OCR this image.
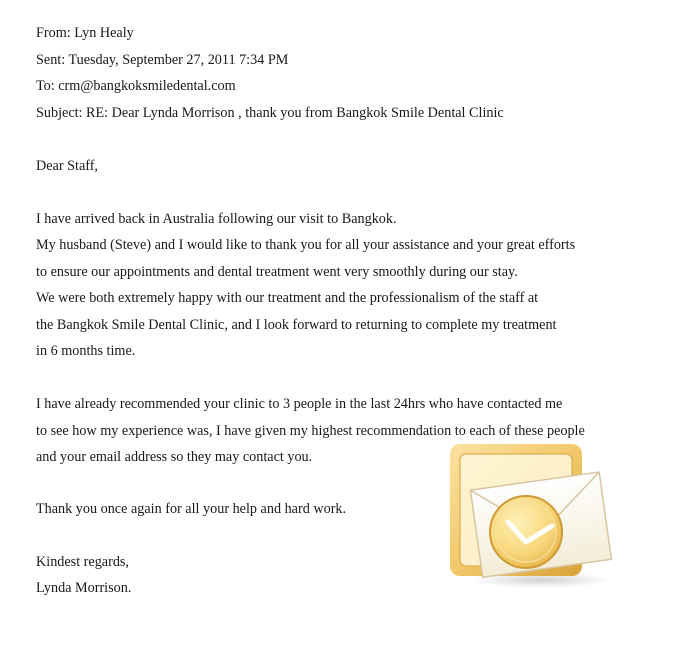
From: Lyn Healy
Sent: Tuesday, September 27, 2011 7:34 PM
To: crm@bangkoksmiledental.com
Subject: RE: Dear Lynda Morrison , thank you from Bangkok Smile Dental Clinic
Dear Staff,
I have arrived back in Australia following our visit to Bangkok.
My husband (Steve) and I would like to thank you for all your assistance and your great efforts
to ensure our appointments and dental treatment went very smoothly during our stay.
We were both extremely happy with our treatment and the professionalism of the staff at
the Bangkok Smile Dental Clinic, and I look forward to returning to complete my treatment
in 6 months time.
I have already recommended your clinic to 3 people in the last 24hrs who have contacted me
to see how my experience was, I have given my highest recommendation to each of these people
and your email address so they may contact you.
Thank you once again for all your help and hard work.
Kindest regards,
Lynda Morrison.
